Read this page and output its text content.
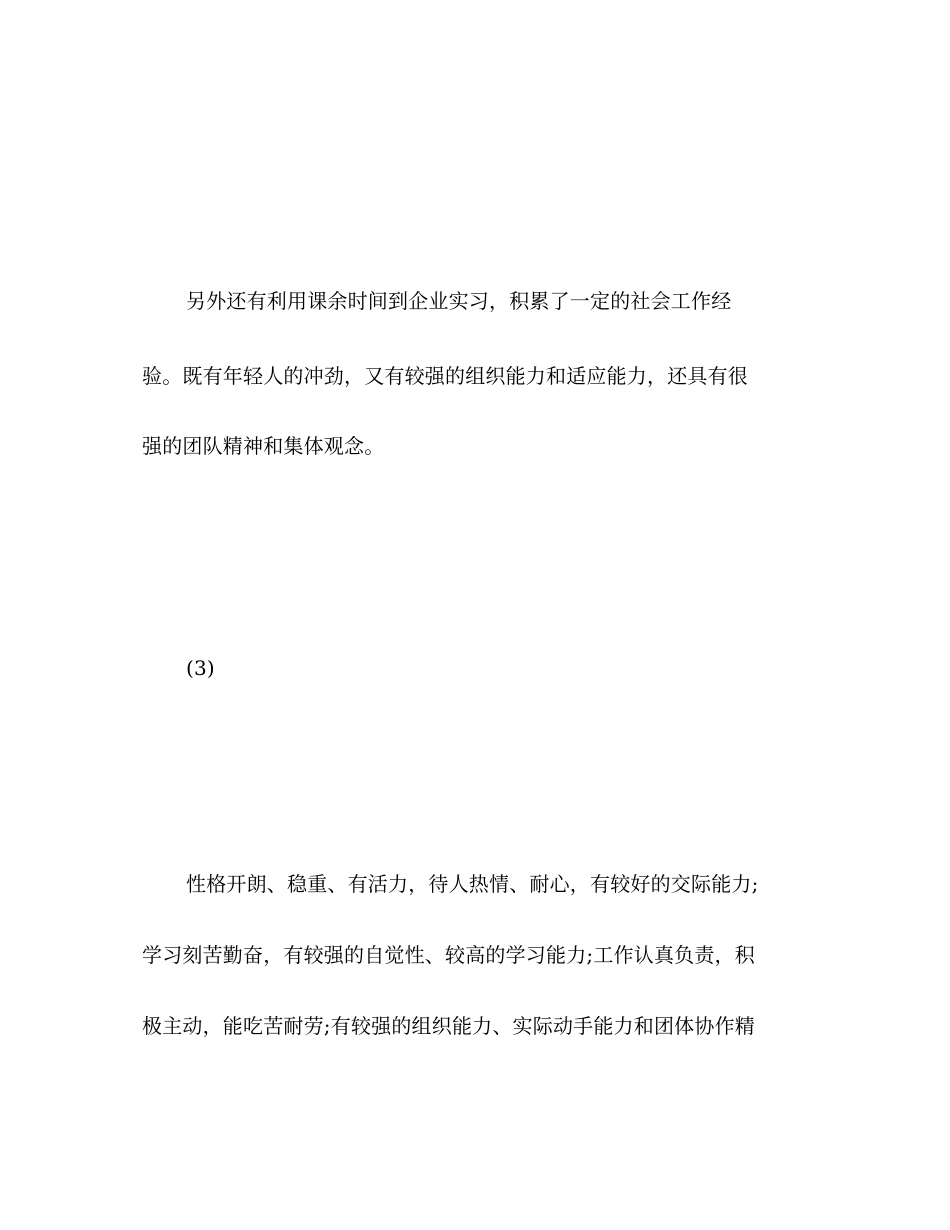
另外还有利用课余时间到企业实习，积累了一定的社会工作经
验。既有年轻人的冲劲，又有较强的组织能力和适应能力，还具有很
强的团队精神和集体观念。
(3)
性格开朗、稳重、有活力，待人热情、耐心，有较好的交际能力;
学习刻苦勤奋，有较强的自觉性、较高的学习能力;工作认真负责，积
极主动，能吃苦耐劳;有较强的组织能力、实际动手能力和团体协作精
